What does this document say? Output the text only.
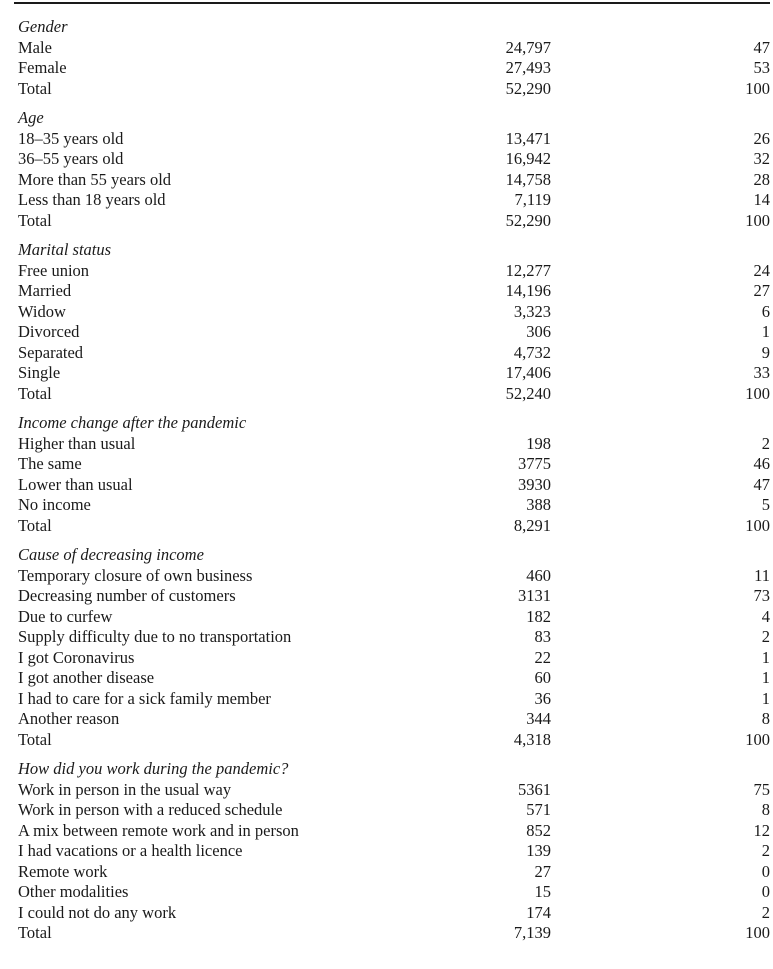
Gender
Male	24,797	47
Female	27,493	53
Total	52,290	100
Age
18–35 years old	13,471	26
36–55 years old	16,942	32
More than 55 years old	14,758	28
Less than 18 years old	7,119	14
Total	52,290	100
Marital status
Free union	12,277	24
Married	14,196	27
Widow	3,323	6
Divorced	306	1
Separated	4,732	9
Single	17,406	33
Total	52,240	100
Income change after the pandemic
Higher than usual	198	2
The same	3775	46
Lower than usual	3930	47
No income	388	5
Total	8,291	100
Cause of decreasing income
Temporary closure of own business	460	11
Decreasing number of customers	3131	73
Due to curfew	182	4
Supply difficulty due to no transportation	83	2
I got Coronavirus	22	1
I got another disease	60	1
I had to care for a sick family member	36	1
Another reason	344	8
Total	4,318	100
How did you work during the pandemic?
Work in person in the usual way	5361	75
Work in person with a reduced schedule	571	8
A mix between remote work and in person	852	12
I had vacations or a health licence	139	2
Remote work	27	0
Other modalities	15	0
I could not do any work	174	2
Total	7,139	100
